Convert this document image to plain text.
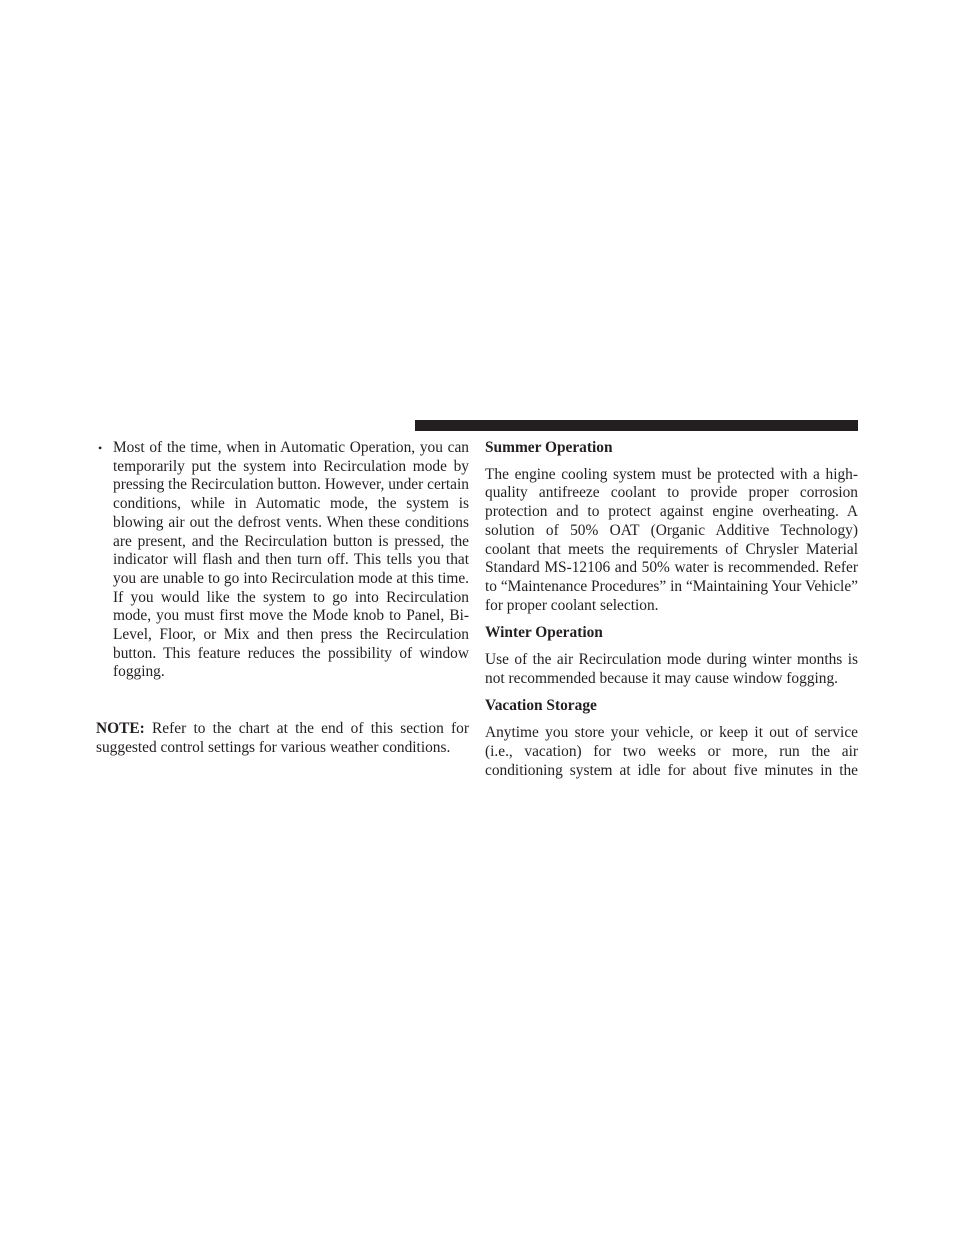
• Most of the time, when in Automatic Operation, you can temporarily put the system into Recirculation mode by pressing the Recirculation button. However, under certain conditions, while in Automatic mode, the system is blowing air out the defrost vents. When these conditions are present, and the Recirculation button is pressed, the indicator will flash and then turn off. This tells you that you are unable to go into Recirculation mode at this time. If you would like the system to go into Recirculation mode, you must first move the Mode knob to Panel, Bi-Level, Floor, or Mix and then press the Recirculation button. This feature reduces the possibility of window fogging.

NOTE: Refer to the chart at the end of this section for suggested control settings for various weather conditions.

Summer Operation

The engine cooling system must be protected with a high-quality antifreeze coolant to provide proper corrosion protection and to protect against engine overheating. A solution of 50% OAT (Organic Additive Technology) coolant that meets the requirements of Chrysler Material Standard MS-12106 and 50% water is recommended. Refer to “Maintenance Procedures” in “Maintaining Your Vehicle” for proper coolant selection.

Winter Operation

Use of the air Recirculation mode during winter months is not recommended because it may cause window fogging.

Vacation Storage

Anytime you store your vehicle, or keep it out of service (i.e., vacation) for two weeks or more, run the air conditioning system at idle for about five minutes in the
